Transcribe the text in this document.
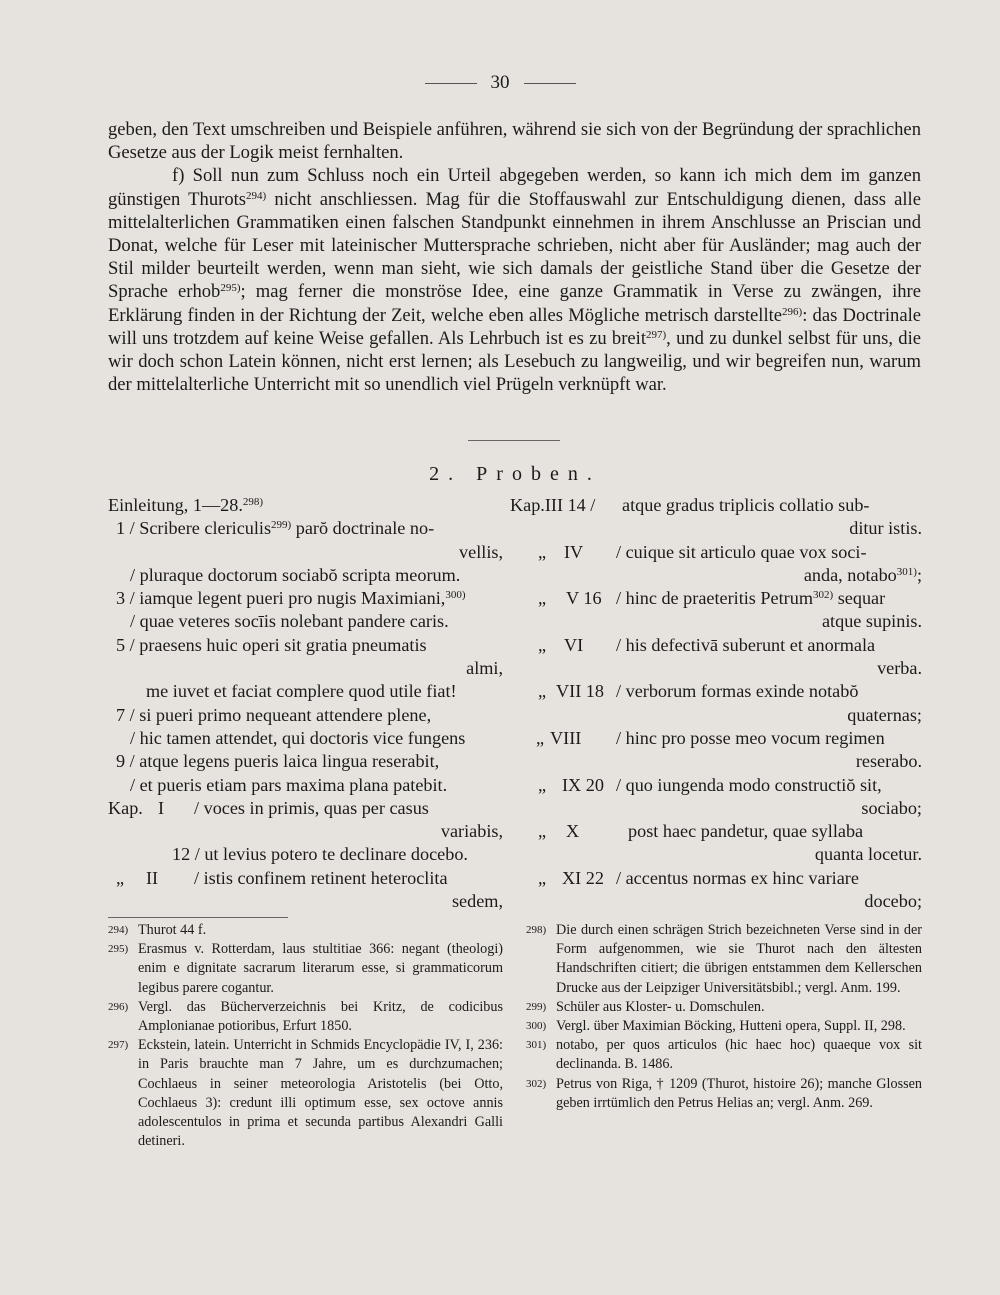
30

geben, den Text umschreiben und Beispiele anführen, während sie sich von der Begründung der sprachlichen Gesetze aus der Logik meist fernhalten.

f) Soll nun zum Schluss noch ein Urteil abgegeben werden, so kann ich mich dem im ganzen günstigen Thurots$^{294)}$ nicht anschliessen. Mag für die Stoffauswahl zur Entschuldigung dienen, dass alle mittelalterlichen Grammatiken einen falschen Standpunkt einnehmen in ihrem Anschlusse an Priscian und Donat, welche für Leser mit lateinischer Muttersprache schrieben, nicht aber für Ausländer; mag auch der Stil milder beurteilt werden, wenn man sieht, wie sich damals der geistliche Stand über die Gesetze der Sprache erhob$^{295)}$; mag ferner die monströse Idee, eine ganze Grammatik in Verse zu zwängen, ihre Erklärung finden in der Richtung der Zeit, welche eben alles Mögliche metrisch darstellte$^{296)}$: das Doctrinale will uns trotzdem auf keine Weise gefallen. Als Lehrbuch ist es zu breit$^{297)}$, und zu dunkel selbst für uns, die wir doch schon Latein können, nicht erst lernen; als Lesebuch zu langweilig, und wir begreifen nun, warum der mittelalterliche Unterricht mit so unendlich viel Prügeln verknüpft war.

2. Proben.
Einleitung, 1—28.$^{298)}$
1 / Scribere clericulis$^{299)}$ parŏ doctrinale no-
vellis,
/ pluraque doctorum sociabŏ scripta meorum.
3 / iamque legent pueri pro nugis Maximiani,$^{300)}$
/ quae veteres socīis nolebant pandere caris.
5 / praesens huic operi sit gratia pneumatis
almi,
me iuvet et faciat complere quod utile fiat!
7 / si pueri primo nequeant attendere plene,
/ hic tamen attendet, qui doctoris vice fungens
9 / atque legens pueris laica lingua reserabit,
/ et pueris etiam pars maxima plana patebit.
Kap. I / voces in primis, quas per casus
variabis,
12 / ut levius potero te declinare docebo.
„ II / istis confinem retinent heteroclita
sedem,
Kap.III 14 / atque gradus triplicis collatio sub-
ditur istis.
„ IV / cuique sit articulo quae vox soci-
anda, notabo$^{301)}$;
„ V 16 / hinc de praeteritis Petrum$^{302)}$ sequar
atque supinis.
„ VI / his defectivā suberunt et anormala
verba.
„ VII 18 / verborum formas exinde notabŏ
quaternas;
„ VIII / hinc pro posse meo vocum regimen
reserabo.
„ IX 20 / quo iungenda modo constructiŏ sit,
sociabo;
„ X	post haec pandetur, quae syllaba
quanta locetur.
„ XI 22 / accentus normas ex hinc variare
docebo;
294) Thurot 44 f.
295) Erasmus v. Rotterdam, laus stultitiae 366: negant (theologi) enim e dignitate sacrarum literarum esse, si grammaticorum legibus parere cogantur.
296) Vergl. das Bücherverzeichnis bei Kritz, de codicibus Amplonianae potioribus, Erfurt 1850.
297) Eckstein, latein. Unterricht in Schmids Encyclopädie IV, I, 236: in Paris brauchte man 7 Jahre, um es durchzumachen; Cochlaeus in seiner meteorologia Aristotelis (bei Otto, Cochlaeus 3): credunt illi optimum esse, sex octove annis adolescentulos in prima et secunda partibus Alexandri Galli detineri.
298) Die durch einen schrägen Strich bezeichneten Verse sind in der Form aufgenommen, wie sie Thurot nach den ältesten Handschriften citiert; die übrigen entstammen dem Kellerschen Drucke aus der Leipziger Universitätsbibl.; vergl. Anm. 199.
299) Schüler aus Kloster- u. Domschulen.
300) Vergl. über Maximian Böcking, Hutteni opera, Suppl. II, 298.
301) notabo, per quos articulos (hic haec hoc) quaeque vox sit declinanda. B. 1486.
302) Petrus von Riga, † 1209 (Thurot, histoire 26); manche Glossen geben irrtümlich den Petrus Helias an; vergl. Anm. 269.
